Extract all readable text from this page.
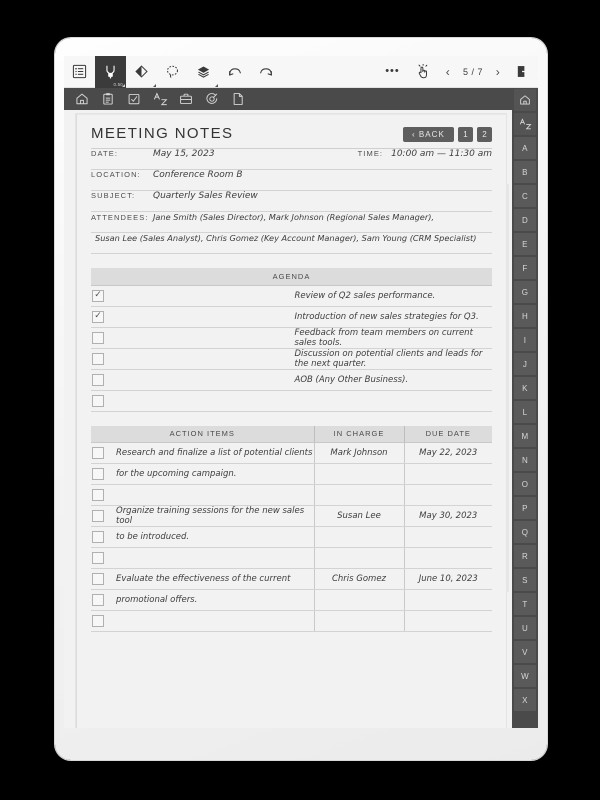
0.50
•••	‹	5 / 7	›
A
B
C
D
E
F
G
H
I
J
K
L
M
N
O
P
Q
R
S
T
U
V
W
X
MEETING NOTES	‹ BACK	1	2
DATE:	May 15, 2023	TIME: 10:00 am — 11:30 am
LOCATION:	Conference Room B
SUBJECT:	Quarterly Sales Review
ATTENDEES: Jane Smith (Sales Director), Mark Johnson (Regional Sales Manager),
Susan Lee (Sales Analyst), Chris Gomez (Key Account Manager), Sam Young (CRM Specialist)
AGENDA	

✓	Review of Q2 sales performance.

✓	Introduction of new sales strategies for Q3.

	Feedback from team members on current sales tools.

	Discussion on potential clients and leads for the next quarter.

	AOB (Any Other Business).

ACTION ITEMS		IN CHARGE	DUE DATE

	Research and finalize a list of potential clients	Mark Johnson	May 22, 2023

	for the upcoming campaign.		

	Organize training sessions for the new sales tool	Susan Lee	May 30, 2023

	to be introduced.		

	Evaluate the effectiveness of the current	Chris Gomez	June 10, 2023

	promotional offers.		
